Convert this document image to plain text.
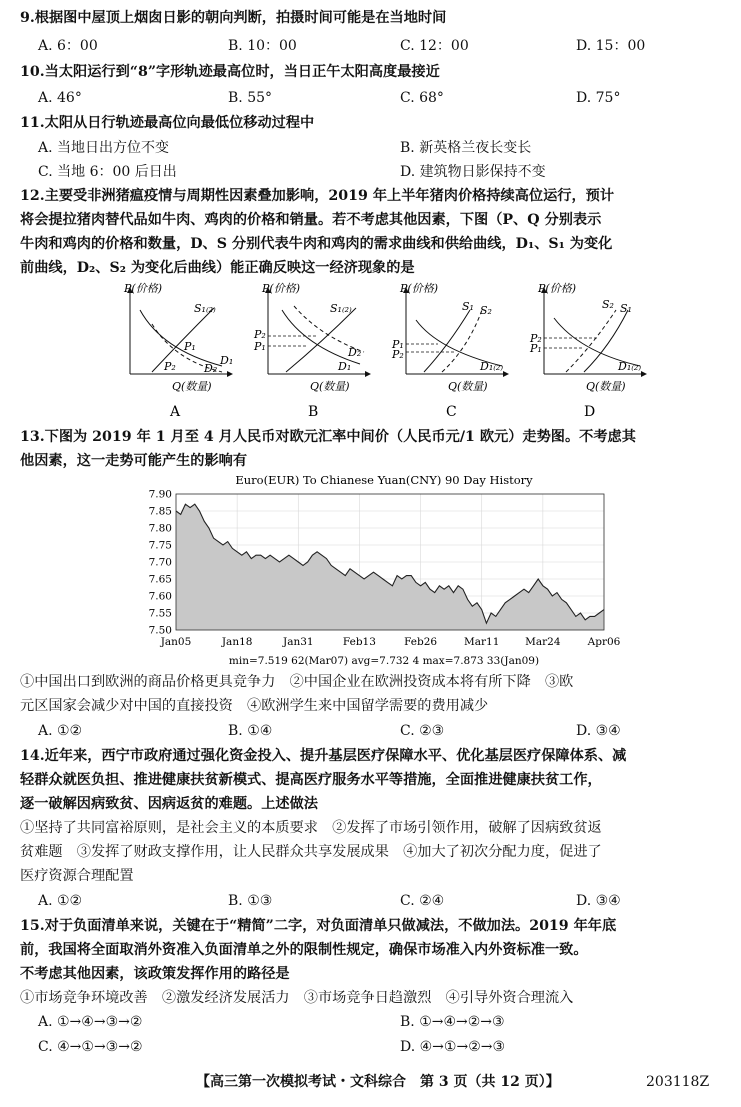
9.根据图中屋顶上烟囱日影的朝向判断，拍摄时间可能是在当地时间
A. 6：00	B. 10：00	C. 12：00	D. 15：00
10.当太阳运行到“8”字形轨迹最高位时，当日正午太阳高度最接近
A. 46°	B. 55°	C. 68°	D. 75°
11.太阳从日行轨迹最高位向最低位移动过程中
A. 当地日出方位不变	B. 新英格兰夜长变长
C. 当地 6：00 后日出	D. 建筑物日影保持不变
12.主要受非洲猪瘟疫情与周期性因素叠加影响，2019 年上半年猪肉价格持续高位运行，预计
将会提拉猪肉替代品如牛肉、鸡肉的价格和销量。若不考虑其他因素，下图（P、Q 分别表示
牛肉和鸡肉的价格和数量，D、S 分别代表牛肉和鸡肉的需求曲线和供给曲线，D₁、S₁ 为变化
前曲线，D₂、S₂ 为变化后曲线）能正确反映这一经济现象的是
P(价格)
Q(数量)
S₁₍₂₎
P₁
P₂	D₂
D₁
A
P(价格)
Q(数量)
S₁₍₂₎
P₂
P₁	D₂
D₁
B
P(价格)
Q(数量)
S₁ S₂
P₁
P₂
D₁₍₂₎
C
P(价格)
Q(数量)
S₂ S₁
P₂
P₁
D₁₍₂₎
D
13.下图为 2019 年 1 月至 4 月人民币对欧元汇率中间价（人民币元/1 欧元）走势图。不考虑其
他因素，这一走势可能产生的影响有
Euro(EUR) To Chianese Yuan(CNY) 90 Day History
7.90
7.85
7.80
7.75
7.70
7.65
7.60
7.55
7.50
Jan05	Jan18	Jan31	Feb13	Feb26	Mar11 Mar24	Apr06
min=7.519 62(Mar07) avg=7.732 4 max=7.873 33(Jan09)
①中国出口到欧洲的商品价格更具竞争力　②中国企业在欧洲投资成本将有所下降　③欧
元区国家会减少对中国的直接投资　④欧洲学生来中国留学需要的费用减少
A. ①②	B. ①④	C. ②③	D. ③④
14.近年来，西宁市政府通过强化资金投入、提升基层医疗保障水平、优化基层医疗保障体系、减
轻群众就医负担、推进健康扶贫新模式、提高医疗服务水平等措施，全面推进健康扶贫工作，
逐一破解因病致贫、因病返贫的难题。上述做法
①坚持了共同富裕原则，是社会主义的本质要求　②发挥了市场引领作用，破解了因病致贫返
贫难题　③发挥了财政支撑作用，让人民群众共享发展成果　④加大了初次分配力度，促进了
医疗资源合理配置
A. ①②	B. ①③	C. ②④	D. ③④
15.对于负面清单来说，关键在于“精简”二字，对负面清单只做减法，不做加法。2019 年年底
前，我国将全面取消外资准入负面清单之外的限制性规定，确保市场准入内外资标准一致。
不考虑其他因素，该政策发挥作用的路径是
①市场竞争环境改善　②激发经济发展活力　③市场竞争日趋激烈　④引导外资合理流入
A. ①→④→③→②	B. ①→④→②→③
C. ④→①→③→②	D. ④→①→②→③
【高三第一次模拟考试・文科综合　第 3 页（共 12 页）】	203118Z
